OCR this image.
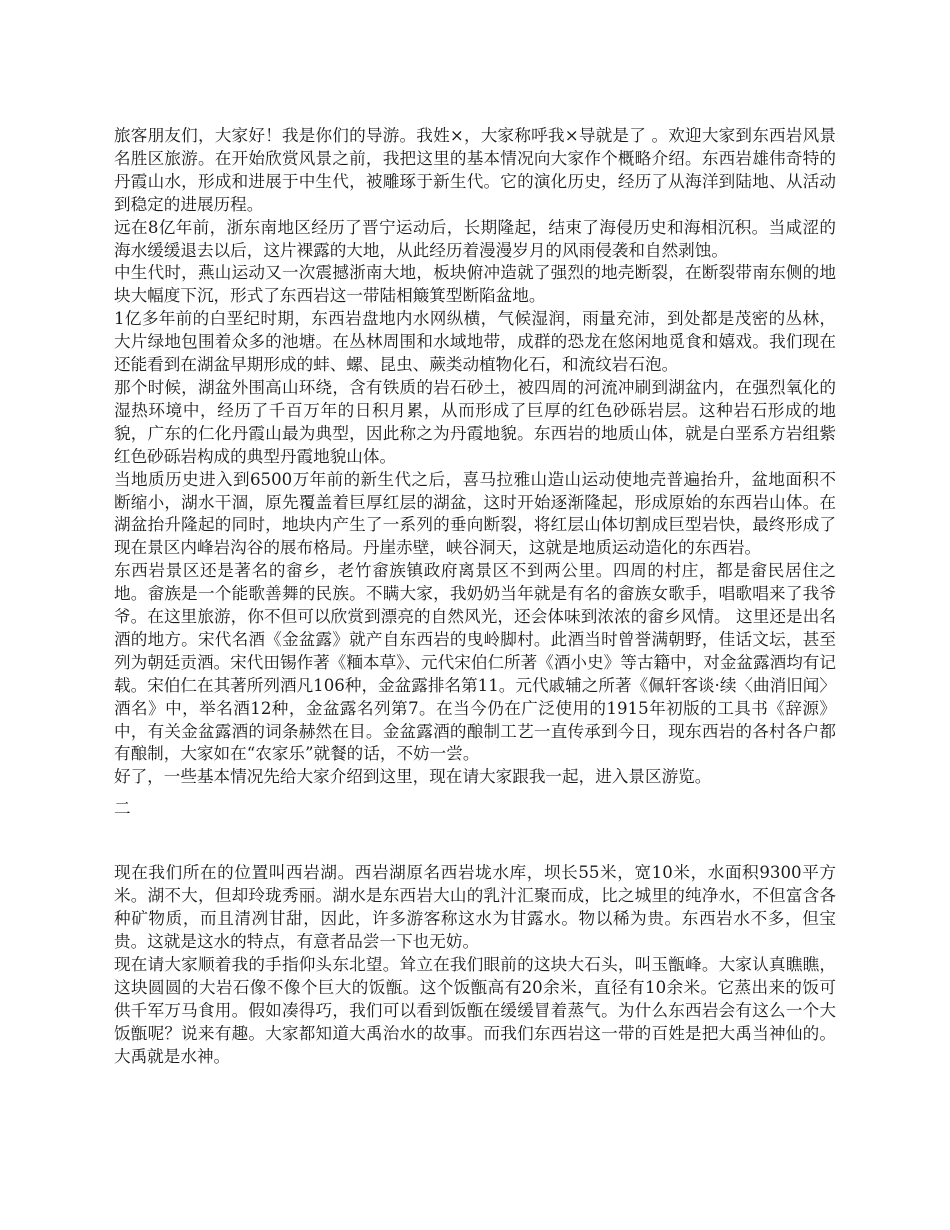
旅客朋友们，大家好！我是你们的导游。我姓×，大家称呼我×导就是了 。欢迎大家到东西岩风景名胜区旅游。在开始欣赏风景之前，我把这里的基本情况向大家作个概略介绍。东西岩雄伟奇特的丹霞山水，形成和进展于中生代，被雕琢于新生代。它的演化历史，经历了从海洋到陆地、从活动到稳定的进展历程。

远在8亿年前，浙东南地区经历了晋宁运动后，长期隆起，结束了海侵历史和海相沉积。当咸涩的海水缓缓退去以后，这片裸露的大地，从此经历着漫漫岁月的风雨侵袭和自然剥蚀。

中生代时，燕山运动又一次震撼浙南大地，板块俯冲造就了强烈的地壳断裂，在断裂带南东侧的地块大幅度下沉，形式了东西岩这一带陆相簸箕型断陷盆地。

1亿多年前的白垩纪时期，东西岩盘地内水网纵横，气候湿润，雨量充沛，到处都是茂密的丛林，大片绿地包围着众多的池塘。在丛林周围和水域地带，成群的恐龙在悠闲地觅食和嬉戏。我们现在还能看到在湖盆早期形成的蚌、螺、昆虫、蕨类动植物化石，和流纹岩石泡。

那个时候，湖盆外围高山环绕，含有铁质的岩石砂土，被四周的河流冲刷到湖盆内，在强烈氧化的湿热环境中，经历了千百万年的日积月累，从而形成了巨厚的红色砂砾岩层。这种岩石形成的地貌，广东的仁化丹霞山最为典型，因此称之为丹霞地貌。东西岩的地质山体，就是白垩系方岩组紫红色砂砾岩构成的典型丹霞地貌山体。

当地质历史进入到6500万年前的新生代之后，喜马拉雅山造山运动使地壳普遍抬升，盆地面积不断缩小，湖水干涸，原先覆盖着巨厚红层的湖盆，这时开始逐渐隆起，形成原始的东西岩山体。在湖盆抬升隆起的同时，地块内产生了一系列的垂向断裂，将红层山体切割成巨型岩快，最终形成了现在景区内峰岩沟谷的展布格局。丹崖赤壁，峡谷洞天，这就是地质运动造化的东西岩。

东西岩景区还是著名的畲乡，老竹畲族镇政府离景区不到两公里。四周的村庄，都是畲民居住之地。畲族是一个能歌善舞的民族。不瞒大家，我奶奶当年就是有名的畲族女歌手，唱歌唱来了我爷爷。在这里旅游，你不但可以欣赏到漂亮的自然风光，还会体味到浓浓的畲乡风情。 这里还是出名酒的地方。宋代名酒《金盆露》就产自东西岩的曳岭脚村。此酒当时曾誉满朝野，佳话文坛，甚至列为朝廷贡酒。宋代田锡作著《糆本草》、元代宋伯仁所著《酒小史》等古籍中，对金盆露酒均有记载。宋伯仁在其著所列酒凡106种，金盆露排名第11。元代戚辅之所著《佩轩客谈·续〈曲消旧闻〉酒名》中，举名酒12种，金盆露名列第7。在当今仍在广泛使用的1915年初版的工具书《辞源》中，有关金盆露酒的词条赫然在目。金盆露酒的酿制工艺一直传承到今日，现东西岩的各村各户都有酿制，大家如在“农家乐”就餐的话，不妨一尝。

好了，一些基本情况先给大家介绍到这里，现在请大家跟我一起，进入景区游览。

二

现在我们所在的位置叫西岩湖。西岩湖原名西岩垅水库，坝长55米，宽10米，水面积9300平方米。湖不大，但却玲珑秀丽。湖水是东西岩大山的乳汁汇聚而成，比之城里的纯净水，不但富含各种矿物质，而且清冽甘甜，因此，许多游客称这水为甘露水。物以稀为贵。东西岩水不多，但宝贵。这就是这水的特点，有意者品尝一下也无妨。

现在请大家顺着我的手指仰头东北望。耸立在我们眼前的这块大石头，叫玉甑峰。大家认真瞧瞧，这块圆圆的大岩石像不像个巨大的饭甑。这个饭甑高有20余米，直径有10余米。它蒸出来的饭可供千军万马食用。假如凑得巧，我们可以看到饭甑在缓缓冒着蒸气。为什么东西岩会有这么一个大饭甑呢？说来有趣。大家都知道大禹治水的故事。而我们东西岩这一带的百姓是把大禹当神仙的。大禹就是水神。
